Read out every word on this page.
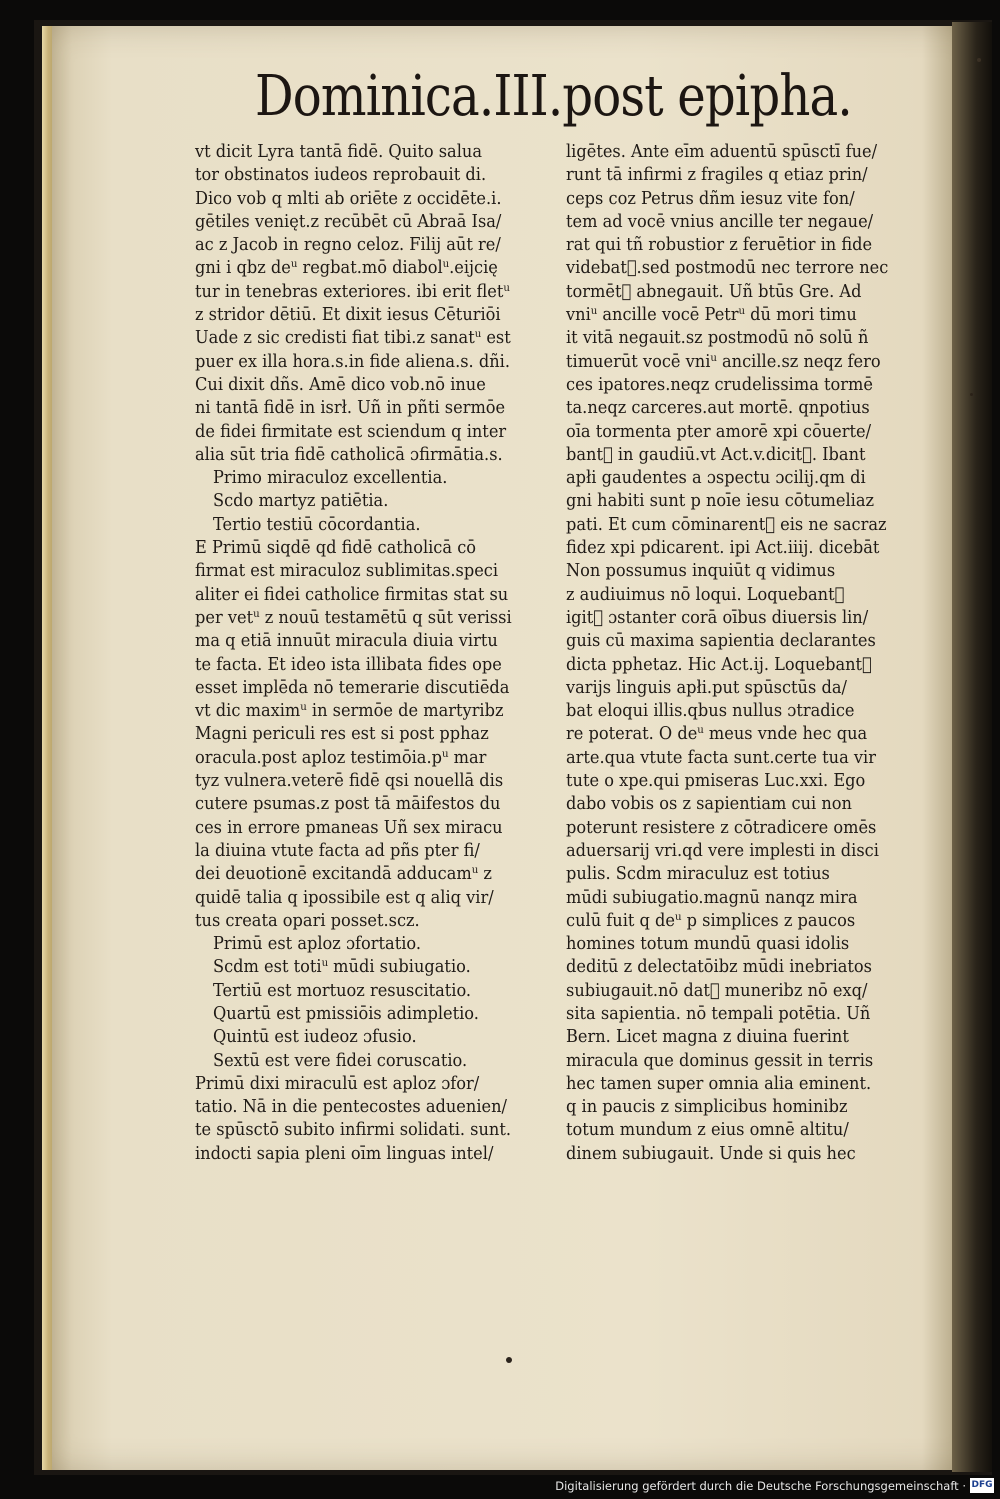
Dominica.III.post epipha.
vt dicit Lyra tantā fidē. Quito salua
tor obstinatos iudeos reprobauit di.
Dico vob q mlti ab oriēte z occidēte.i.
gētiles venięt.z recūbēt cū Abraā Isa/
ac z Jacob in regno celoz. Filij aūt re/
gni i qbz deᵘ regbat.mō diabolᵘ.eijcię
tur in tenebras exteriores. ibi erit fletᵘ
z stridor dētiū. Et dixit iesus Cēturiōi
Uade z sic credisti fiat tibi.z sanatᵘ est
puer ex illa hora.s.in fide aliena.s. dñi.
Cui dixit dñs. Amē dico vob.nō inue
ni tantā fidē in isrł. Uñ in pñti sermōe
de fidei firmitate est sciendum q inter
alia sūt tria fidē catholicā ɔfirmātia.s.
Primo miraculoz excellentia.
Scdo martyz patiētia.
Tertio testiū cōcordantia.
E Primū siqdē qd fidē catholicā cō
firmat est miraculoz sublimitas.speci
aliter ei fidei catholice firmitas stat su
per vetᵘ z nouū testamētū q sūt verissi
ma q etiā innuūt miracula diuia virtu
te facta. Et ideo ista illibata fides ope
esset implēda nō temerarie discutiēda
vt dic maximᵘ in sermōe de martyribz
Magni periculi res est si post pphaz
oracula.post aploz testimōia.pᵘ mar
tyz vulnera.veterē fidē qsi nouellā dis
cutere psumas.z post tā māifestos du
ces in errore pmaneas Uñ sex miracu
la diuina vtute facta ad pñs pter fi/
dei deuotionē excitandā adducamᵘ z
quidē talia q ipossibile est q aliq vir/
tus creata opari posset.scz.
Primū est aploz ɔfortatio.
Scdm est totiᵘ mūdi subiugatio.
Tertiū est mortuoz resuscitatio.
Quartū est pmissiōis adimpletio.
Quintū est iudeoz ɔfusio.
Sextū est vere fidei coruscatio.
Primū dixi miraculū est aploz ɔfor/
tatio. Nā in die pentecostes aduenien/
te spūsctō subito infirmi solidati. sunt.
indocti sapia pleni oīm linguas intel/
ligētes. Ante eīm aduentū spūsctī fue/
runt tā infirmi z fragiles q etiaz prin/
ceps coz Petrus dñm iesuz vite fon/
tem ad vocē vnius ancille ter negaue/
rat qui tñ robustior z feruētior in fide
videbatᷓ.sed postmodū nec terrore nec
tormētᷓ abnegauit. Uñ btūs Gre. Ad
vniᵘ ancille vocē Petrᵘ dū mori timu
it vitā negauit.sz postmodū nō solū ñ
timuerūt vocē vniᵘ ancille.sz neqz fero
ces ipatores.neqz crudelissima tormē
ta.neqz carceres.aut mortē. qnpotius
oīa tormenta pter amorē xpi cōuerte/
bantᷓ in gaudiū.vt Act.v.dicitᷓ. Ibant
apłi gaudentes a ɔspectu ɔcilij.qm di
gni habiti sunt p noīe iesu cōtumeliaz
pati. Et cum cōminarentᷓ eis ne sacraz
fidez xpi pdicarent. ipi Act.iiij. dicebāt
Non possumus inquiūt q vidimus
z audiuimus nō loqui. Loquebantᷓ
igitᷓ ɔstanter corā oībus diuersis lin/
guis cū maxima sapientia declarantes
dicta pphetaz. Hic Act.ij. Loquebantᷓ
varijs linguis apłi.put spūsctūs da/
bat eloqui illis.qbus nullus ɔtradice
re poterat. O deᵘ meus vnde hec qua
arte.qua vtute facta sunt.certe tua vir
tute o xpe.qui pmiseras Luc.xxi. Ego
dabo vobis os z sapientiam cui non
poterunt resistere z cōtradicere omēs
aduersarij vri.qd vere implesti in disci
pulis. Scdm miraculuz est totius
mūdi subiugatio.magnū nanqz mira
culū fuit q deᵘ p simplices z paucos
homines totum mundū quasi idolis
deditū z delectatōibz mūdi inebriatos
subiugauit.nō datᷓ muneribz nō exq/
sita sapientia. nō tempali potētia. Uñ
Bern. Licet magna z diuina fuerint
miracula que dominus gessit in terris
hec tamen super omnia alia eminent.
q in paucis z simplicibus hominibz
totum mundum z eius omnē altitu/
dinem subiugauit. Unde si quis hec
Digitalisierung gefördert durch die Deutsche Forschungsgemeinschaft · DFG
